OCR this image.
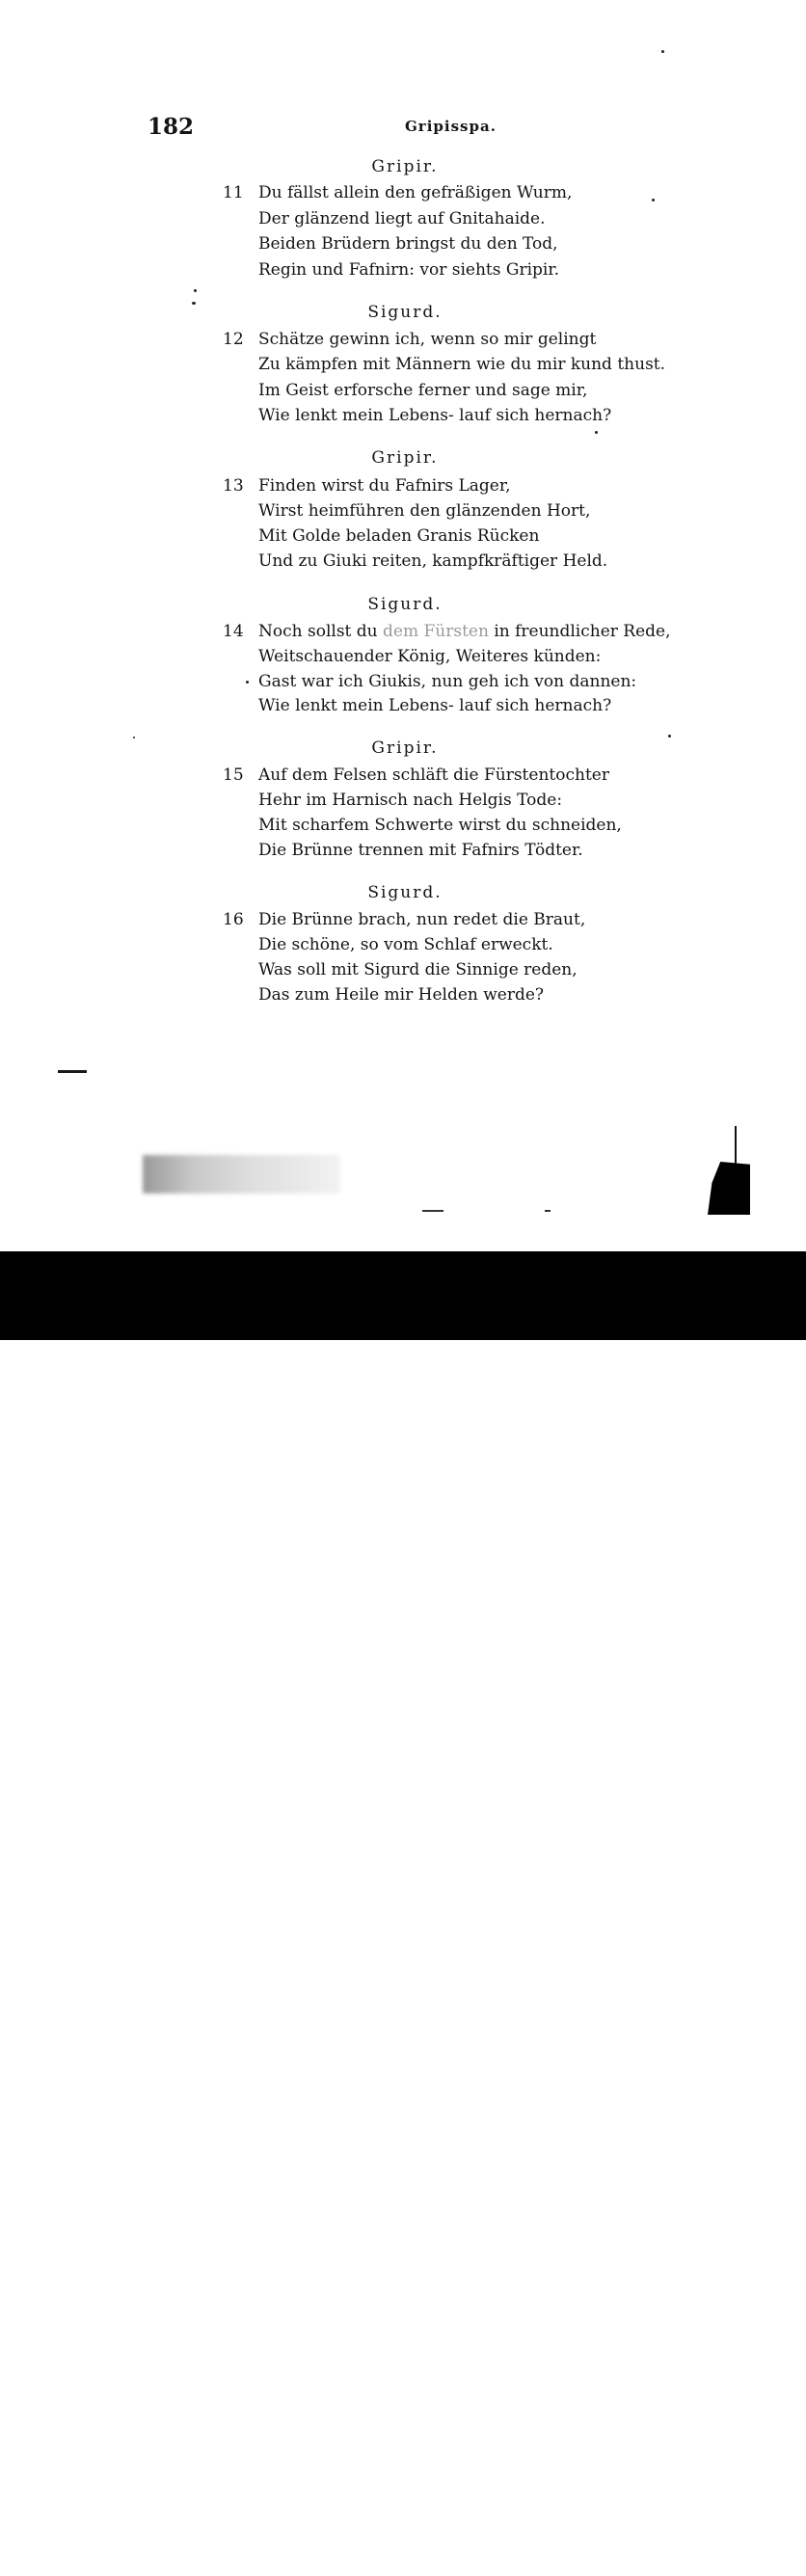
182	Gripisspa.
Gripir.
11 Du fällst allein den gefräßigen Wurm,
Der glänzend liegt auf Gnitahaide.
Beiden Brüdern bringst du den Tod,
Regin und Fafnirn: vor siehts Gripir.
Sigurd.
12 Schätze gewinn ich, wenn so mir gelingt
Zu kämpfen mit Männern wie du mir kund thust.
Im Geist erforsche ferner und sage mir,
Wie lenkt mein Lebens- lauf sich hernach?
Gripir.
13 Finden wirst du Fafnirs Lager,
Wirst heimführen den glänzenden Hort,
Mit Golde beladen Granis Rücken
Und zu Giuki reiten, kampfkräftiger Held.
Sigurd.
14 Noch sollst du dem Fürsten in freundlicher Rede,
Weitschauender König, Weiteres künden:
Gast war ich Giukis, nun geh ich von dannen:
Wie lenkt mein Lebens- lauf sich hernach?
Gripir.
15 Auf dem Felsen schläft die Fürstentochter
Hehr im Harnisch nach Helgis Tode:
Mit scharfem Schwerte wirst du schneiden,
Die Brünne trennen mit Fafnirs Tödter.
Sigurd.
16 Die Brünne brach, nun redet die Braut,
Die schöne, so vom Schlaf erweckt.
Was soll mit Sigurd die Sinnige reden,
Das zum Heile mir Helden werde?
alamy	Image ID: J3BN68
www.alamy.com
